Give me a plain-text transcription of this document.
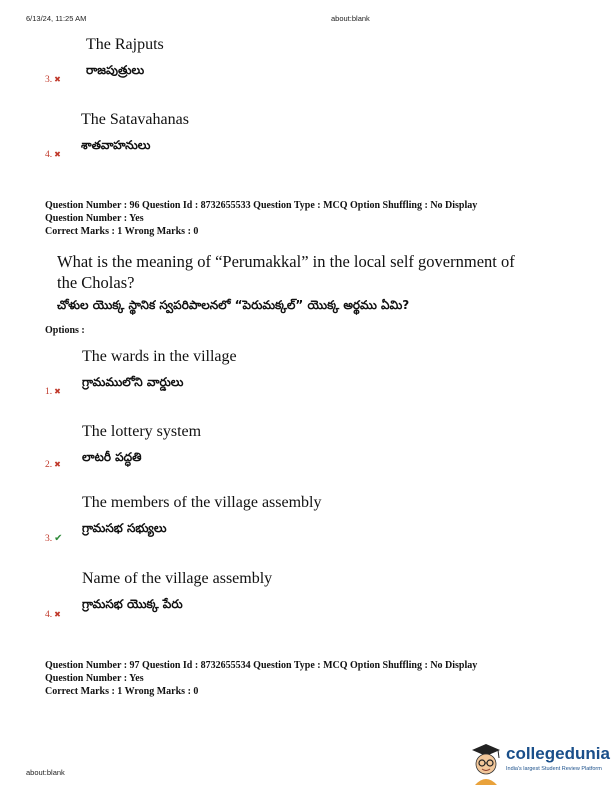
6/13/24, 11:25 AM	about:blank
The Rajputs
రాజపుత్రులు
3. ✖
The Satavahanas
శాతవాహనులు
4. ✖
Question Number : 96 Question Id : 8732655533 Question Type : MCQ Option Shuffling : No Display
Question Number : Yes
Correct Marks : 1 Wrong Marks : 0
What is the meaning of “Perumakkal” in the local self government of
the Cholas?
చోళుల యొక్క స్థానిక స్వపరిపాలనలో “పెరుమక్కల్” యొక్క అర్థము ఏమి?
Options :
The wards in the village
గ్రామములోని వార్డులు
1. ✖
The lottery system
లాటరీ పద్ధతి
2. ✖
The members of the village assembly
గ్రామసభ సభ్యులు
3. ✔
Name of the village assembly
గ్రామసభ యొక్క పేరు
4. ✖
Question Number : 97 Question Id : 8732655534 Question Type : MCQ Option Shuffling : No Display
Question Number : Yes
Correct Marks : 1 Wrong Marks : 0
about:blank
collegedunia
India's largest Student Review Platform
